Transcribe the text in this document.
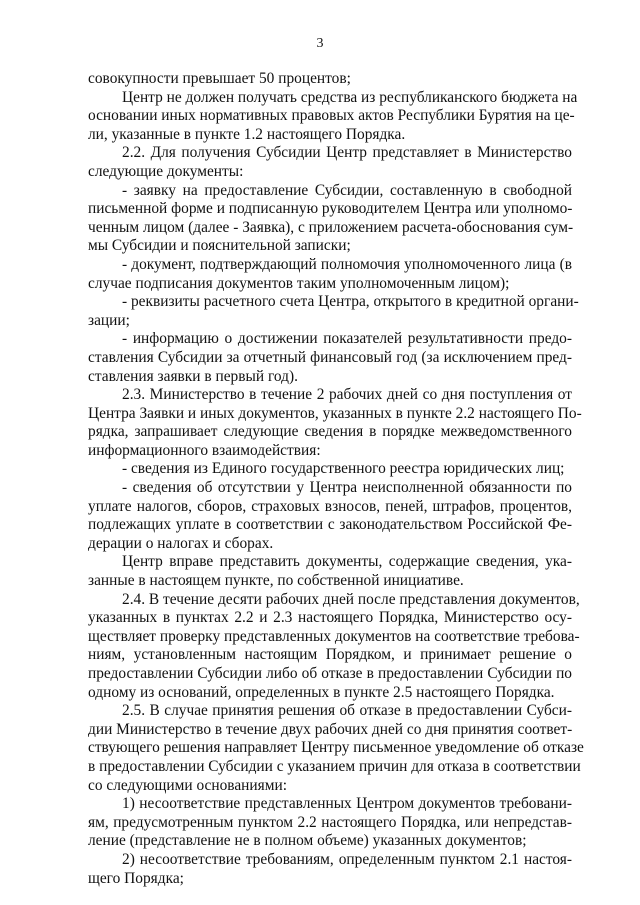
3

совокупности превышает 50 процентов;

Центр не должен получать средства из республиканского бюджета на
основании иных нормативных правовых актов Республики Бурятия на це-
ли, указанные в пункте 1.2 настоящего Порядка.

2.2. Для получения Субсидии Центр представляет в Министерство
следующие документы:

- заявку на предоставление Субсидии, составленную в свободной
письменной форме и подписанную руководителем Центра или уполномо-
ченным лицом (далее - Заявка), с приложением расчета-обоснования сум-
мы Субсидии и пояснительной записки;

- документ, подтверждающий полномочия уполномоченного лица (в
случае подписания документов таким уполномоченным лицом);

- реквизиты расчетного счета Центра, открытого в кредитной органи-
зации;

- информацию о достижении показателей результативности предо-
ставления Субсидии за отчетный финансовый год (за исключением пред-
ставления заявки в первый год).

2.3. Министерство в течение 2 рабочих дней со дня поступления от
Центра Заявки и иных документов, указанных в пункте 2.2 настоящего По-
рядка, запрашивает следующие сведения в порядке межведомственного
информационного взаимодействия:

- сведения из Единого государственного реестра юридических лиц;

- сведения об отсутствии у Центра неисполненной обязанности по
уплате налогов, сборов, страховых взносов, пеней, штрафов, процентов,
подлежащих уплате в соответствии с законодательством Российской Фе-
дерации о налогах и сборах.

Центр вправе представить документы, содержащие сведения, ука-
занные в настоящем пункте, по собственной инициативе.

2.4. В течение десяти рабочих дней после представления документов,
указанных в пунктах 2.2 и 2.3 настоящего Порядка, Министерство осу-
ществляет проверку представленных документов на соответствие требова-
ниям, установленным настоящим Порядком, и принимает решение о
предоставлении Субсидии либо об отказе в предоставлении Субсидии по
одному из оснований, определенных в пункте 2.5 настоящего Порядка.

2.5. В случае принятия решения об отказе в предоставлении Субси-
дии Министерство в течение двух рабочих дней со дня принятия соответ-
ствующего решения направляет Центру письменное уведомление об отказе
в предоставлении Субсидии с указанием причин для отказа в соответствии
со следующими основаниями:

1) несоответствие представленных Центром документов требовани-
ям, предусмотренным пунктом 2.2 настоящего Порядка, или непредстав-
ление (представление не в полном объеме) указанных документов;

2) несоответствие требованиям, определенным пунктом 2.1 настоя-
щего Порядка;
